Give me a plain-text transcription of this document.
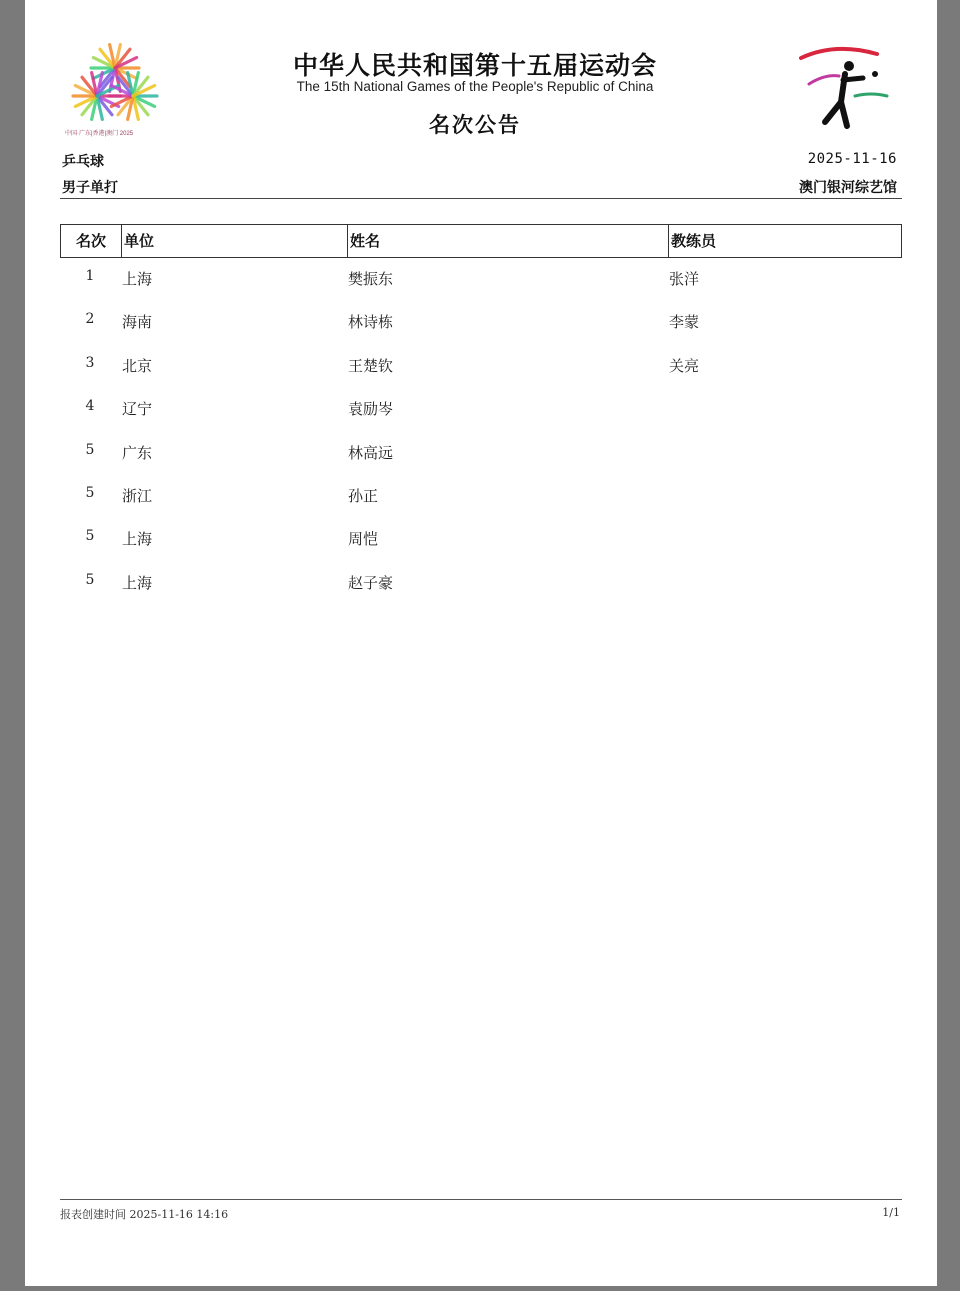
中国·广东|香港|澳门 2025
中华人民共和国第十五届运动会
The 15th National Games of the People's Republic of China
名次公告
乒乓球
男子单打
2025-11-16
澳门银河综艺馆
名次	单位	姓名	教练员
1	上海	樊振东	张洋
2	海南	林诗栋	李蒙
3	北京	王楚钦	关亮
4	辽宁	袁励岑
5	广东	林高远
5	浙江	孙正
5	上海	周恺
5	上海	赵子豪
报表创建时间 2025-11-16 14:16	1/1
